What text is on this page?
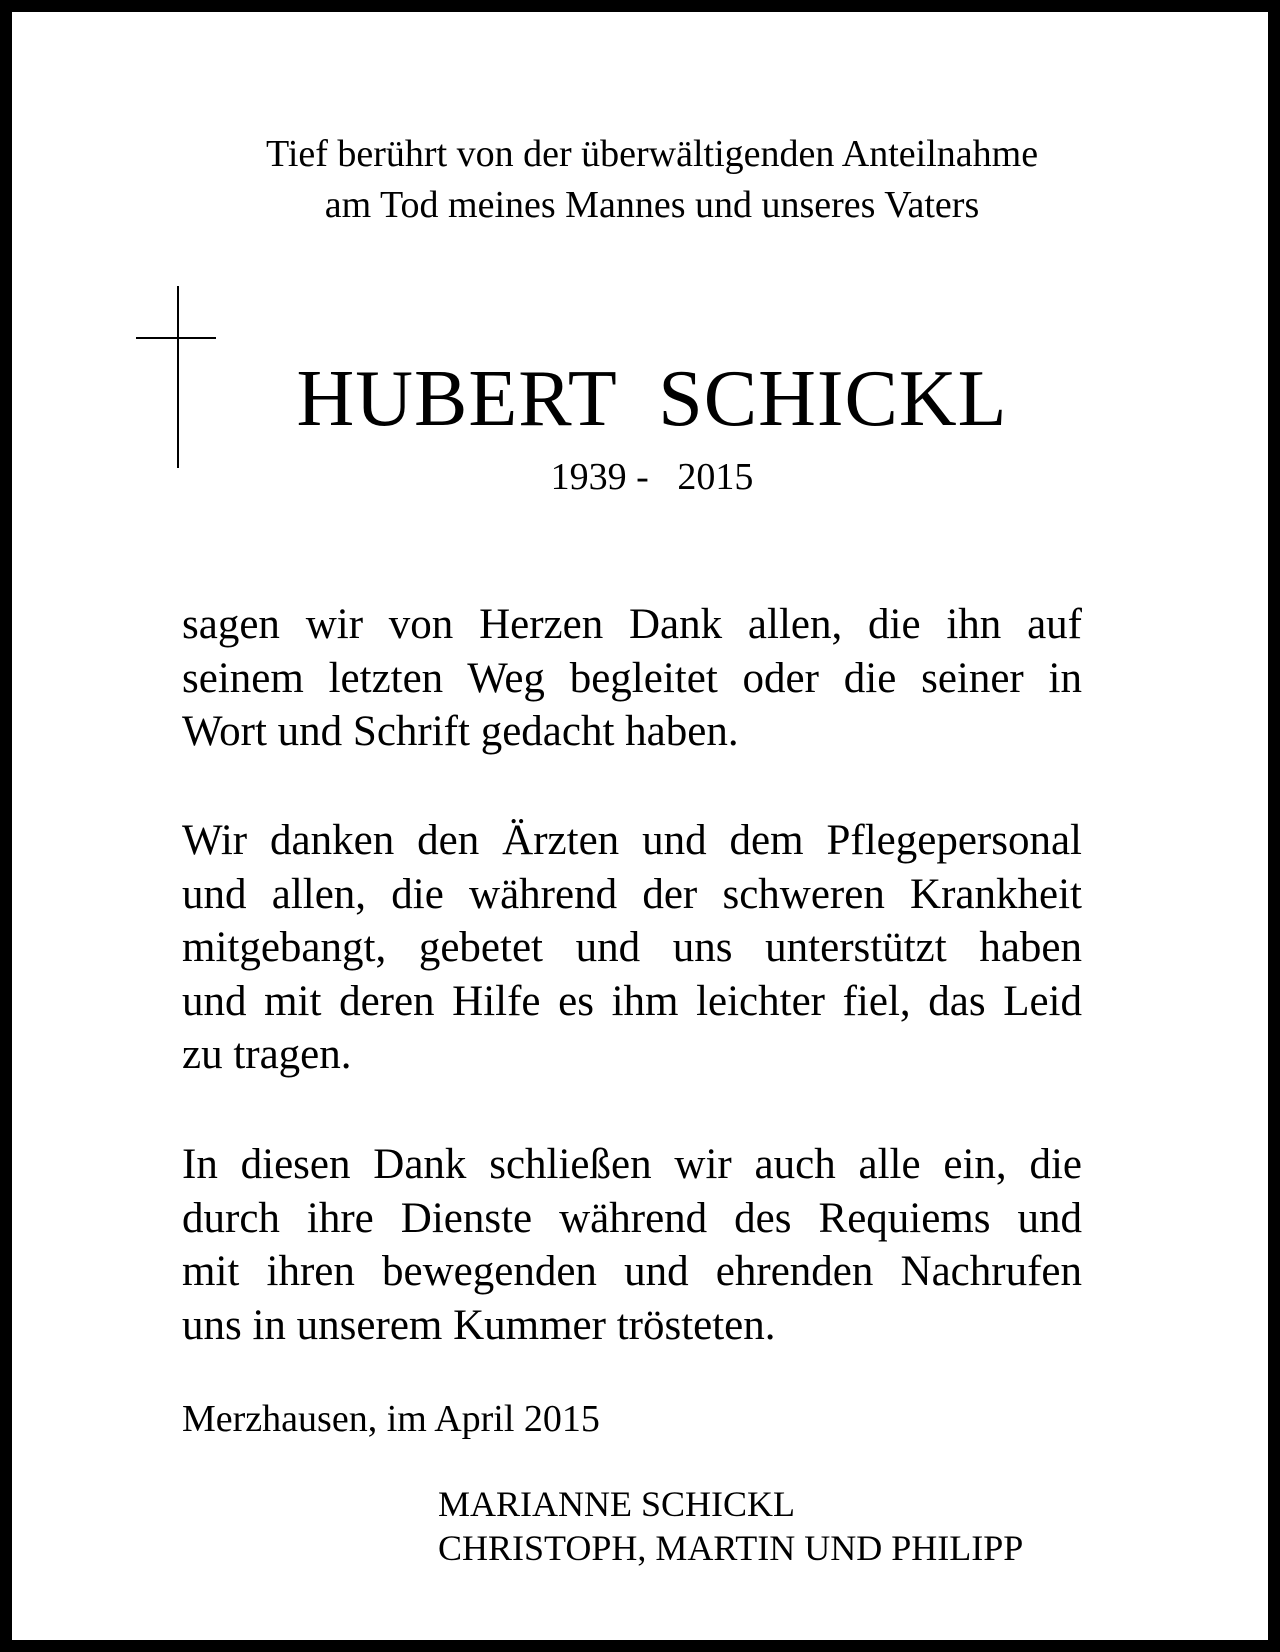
Tief berührt von der überwältigenden Anteilnahme
am Tod meines Mannes und unseres Vaters
HUBERT  SCHICKL
1939 -   2015
sagen wir von Herzen Dank allen, die ihn auf
seinem letzten Weg begleitet oder die seiner in
Wort und Schrift gedacht haben.
Wir danken den Ärzten und dem Pflegepersonal
und allen, die während der schweren Krankheit
mitgebangt, gebetet und uns unterstützt haben
und mit deren Hilfe es ihm leichter fiel, das Leid
zu tragen.
In diesen Dank schließen wir auch alle ein, die
durch ihre Dienste während des Requiems und
mit ihren bewegenden und ehrenden Nachrufen
uns in unserem Kummer trösteten.
Merzhausen, im April 2015
MARIANNE SCHICKL
CHRISTOPH, MARTIN UND PHILIPP
